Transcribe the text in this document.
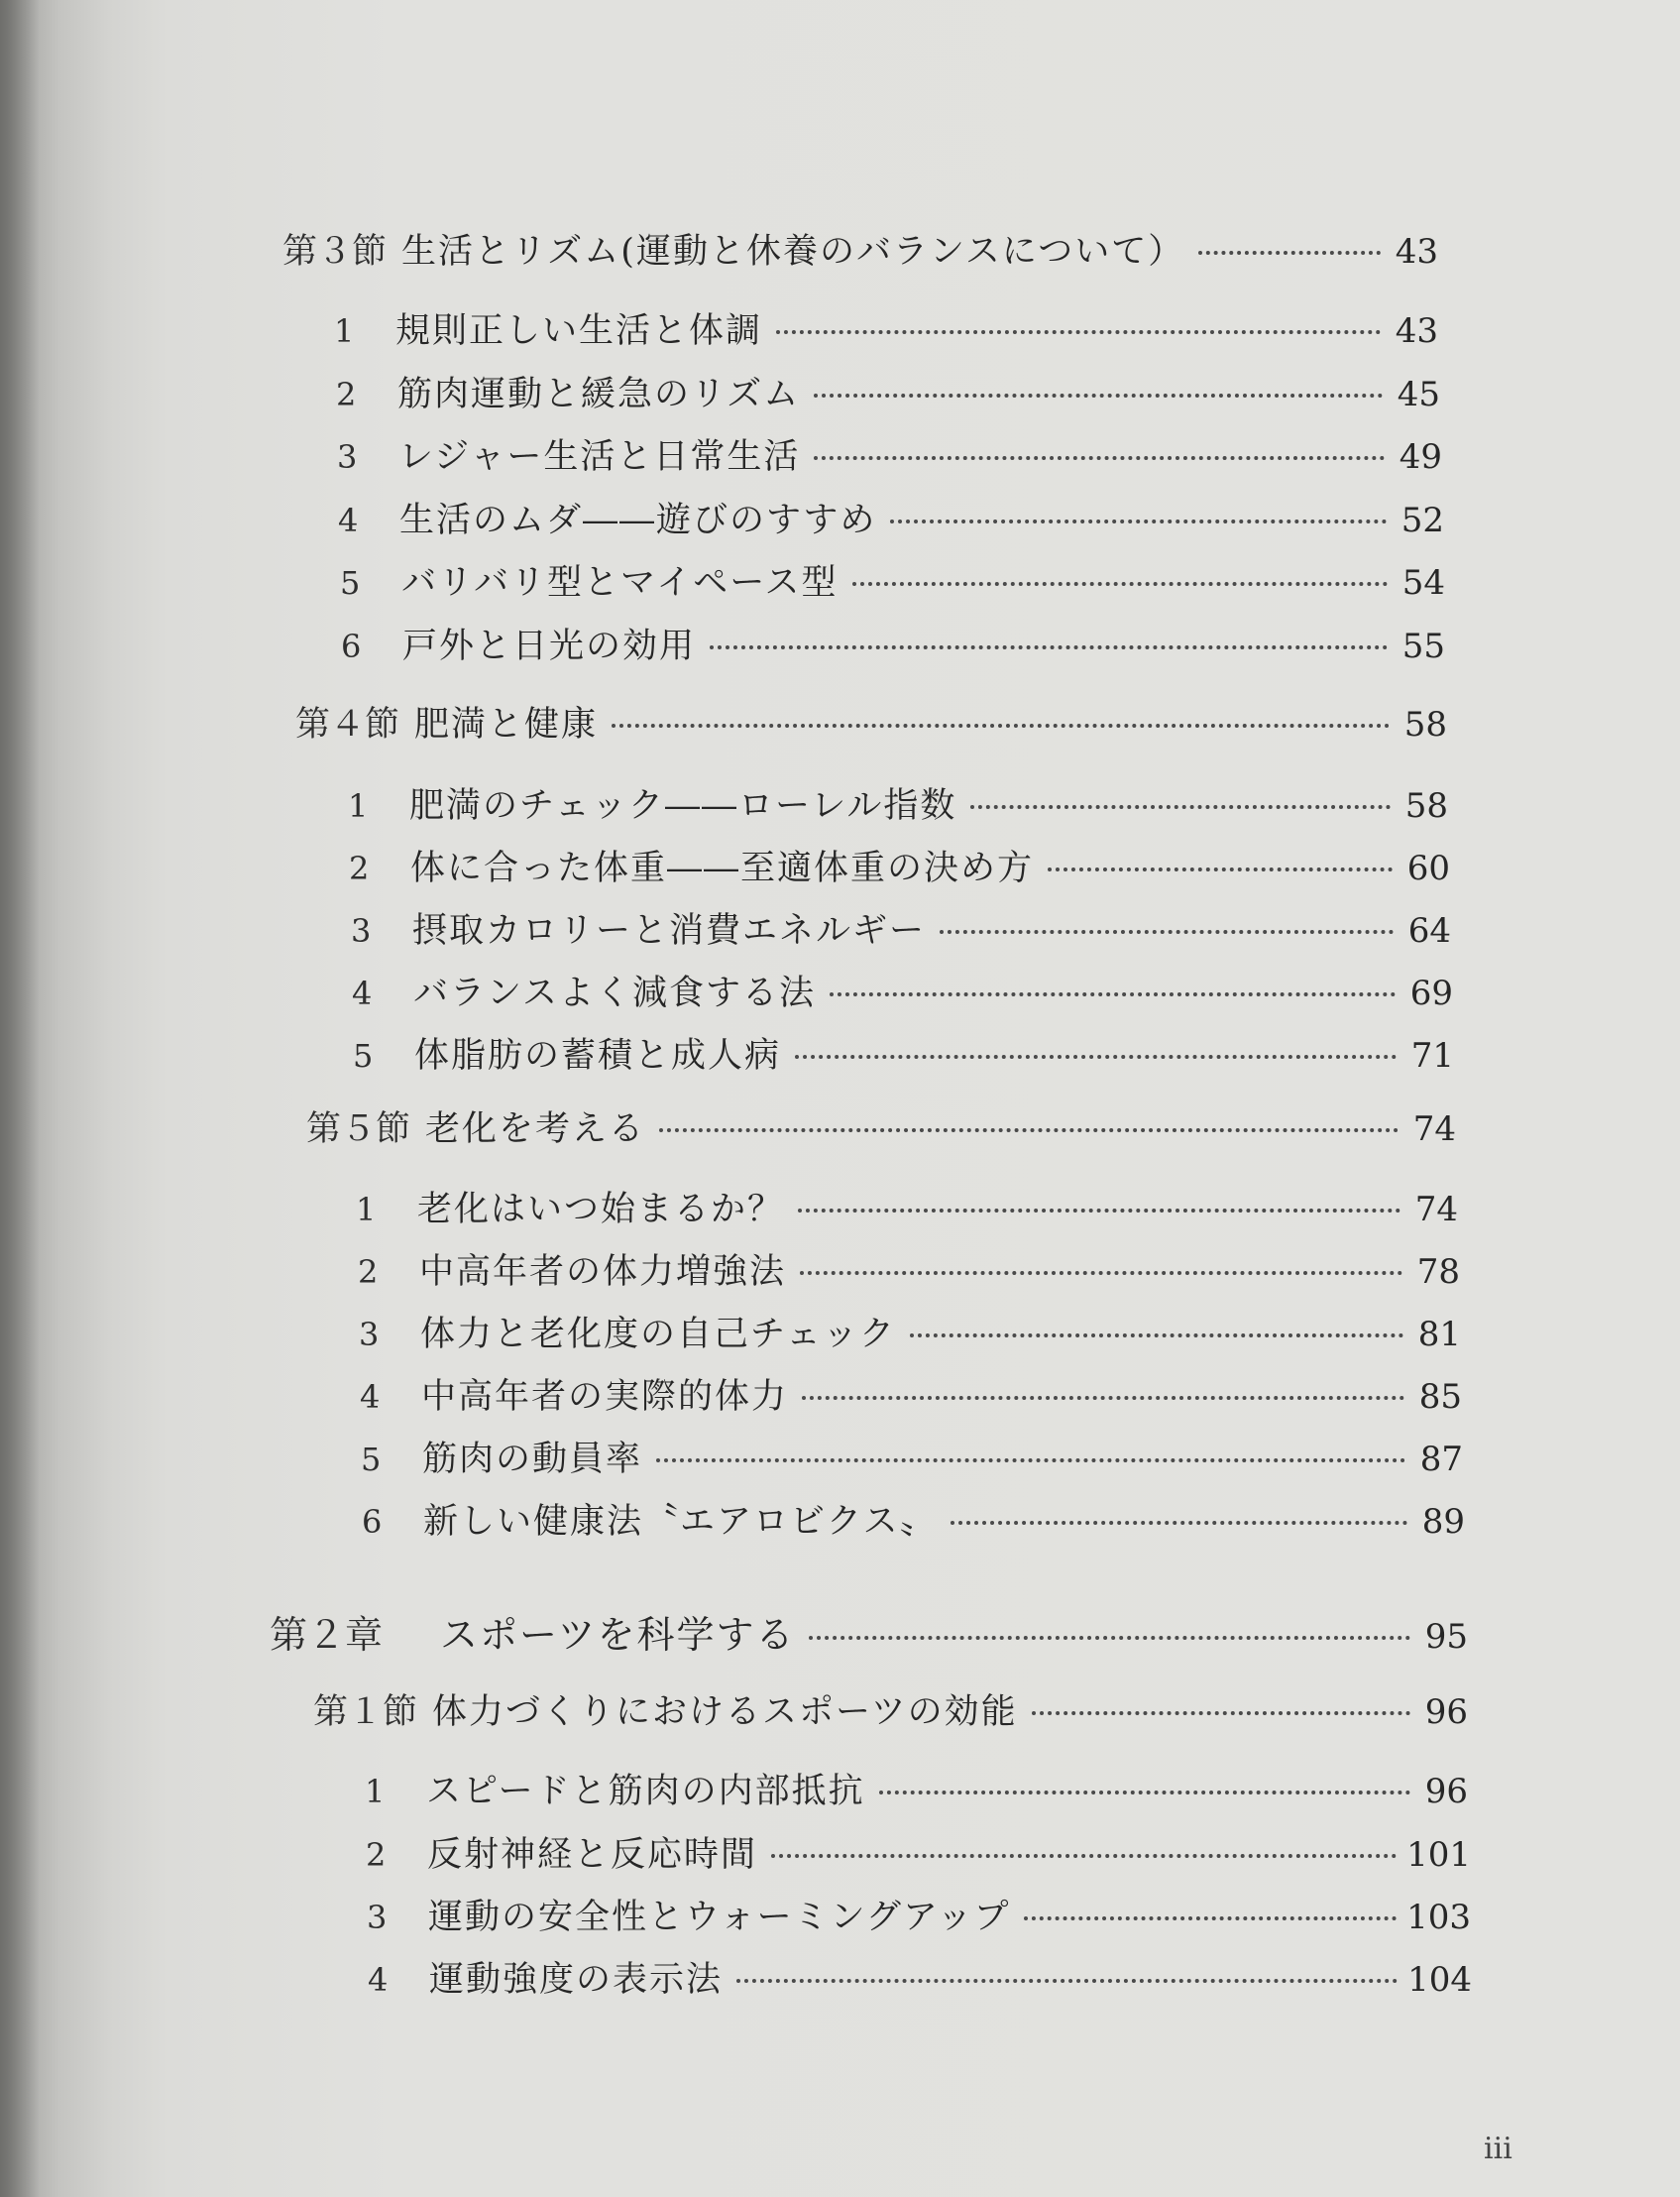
第３節 生活とリズム(運動と休養のバランスについて）	43
1	規則正しい生活と体調	43
2	筋肉運動と緩急のリズム	45
3	レジャー生活と日常生活	49
4	生活のムダ――遊びのすすめ	52
5	バリバリ型とマイペース型	54
6	戸外と日光の効用	55
第４節 肥満と健康	58
1	肥満のチェック――ローレル指数	58
2	体に合った体重――至適体重の決め方	60
3	摂取カロリーと消費エネルギー	64
4	バランスよく減食する法	69
5	体脂肪の蓄積と成人病	71
第５節 老化を考える	74
1	老化はいつ始まるか？	74
2	中高年者の体力増強法	78
3	体力と老化度の自己チェック	81
4	中高年者の実際的体力	85
5	筋肉の動員率	87
6	新しい健康法〝エアロビクス〟	89
第２章	スポーツを科学する	95
第１節 体力づくりにおけるスポーツの効能	96
1	スピードと筋肉の内部抵抗	96
2	反射神経と反応時間	101
3	運動の安全性とウォーミングアップ	103
4	運動強度の表示法	104
iii
